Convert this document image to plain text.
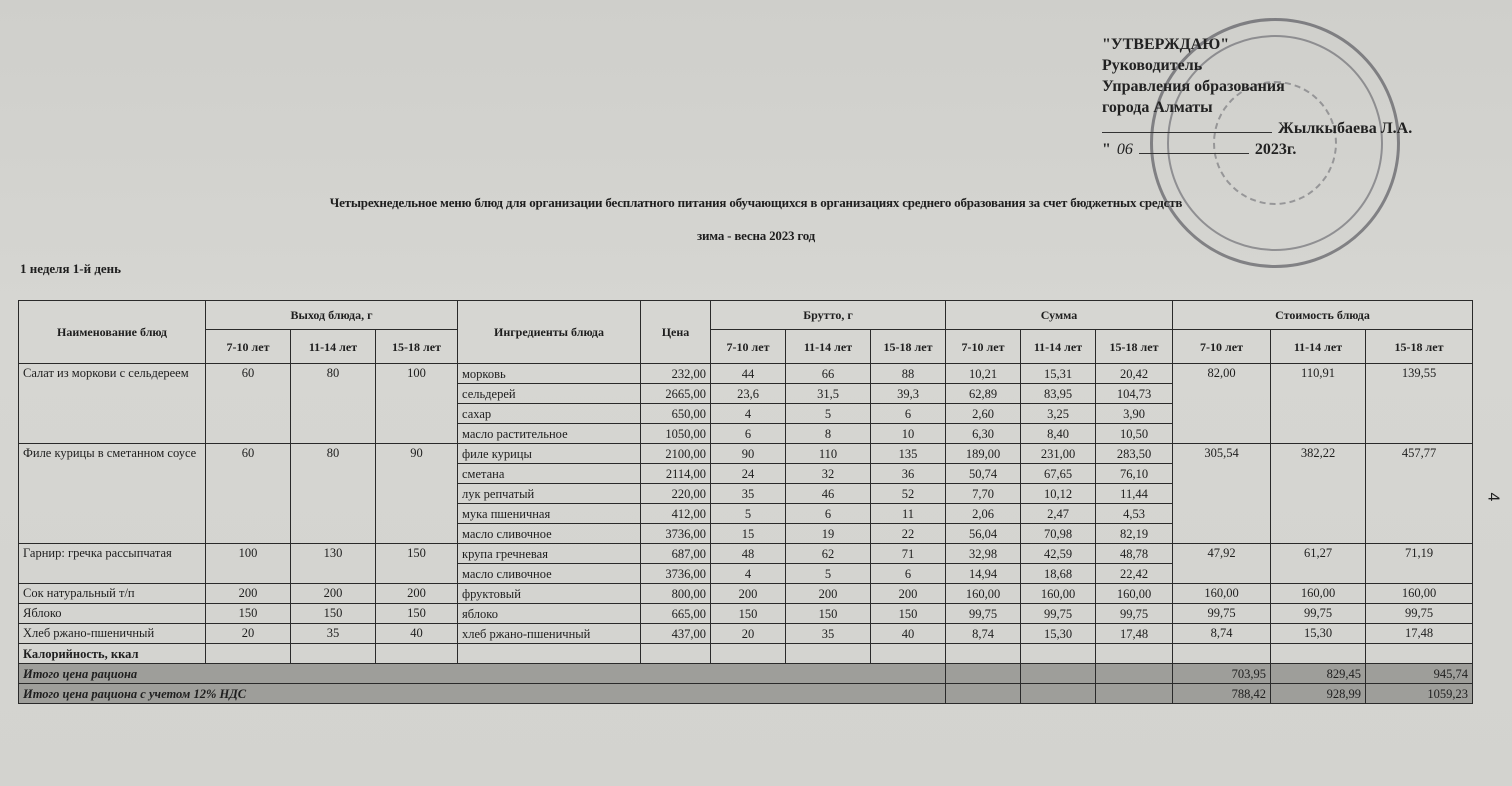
"УТВЕРЖДАЮ"
Руководитель
Управления образования
города Алматы
Жылкыбаева Л.А.
" 06	2023г.
Четырехнедельное меню блюд для организации бесплатного питания обучающихся в организациях среднего образования за счет бюджетных средств
зима - весна 2023 год
1 неделя 1-й день
4
Наименование блюд	Выход блюда, г			Ингредиенты блюда	Цена	Брутто, г			Сумма			Стоимость блюда		
	7-10 лет	11-14 лет	15-18 лет			7-10 лет	11-14 лет	15-18 лет	7-10 лет	11-14 лет	15-18 лет	7-10 лет	11-14 лет	15-18 лет
Салат из моркови с сельдереем	60	80	100	морковь	232,00	44	66	88	10,21	15,31	20,42	82,00	110,91	139,55
				сельдерей	2665,00	23,6	31,5	39,3	62,89	83,95	104,73			
				сахар	650,00	4	5	6	2,60	3,25	3,90			
				масло растительное	1050,00	6	8	10	6,30	8,40	10,50			
Филе курицы в сметанном соусе	60	80	90	филе курицы	2100,00	90	110	135	189,00	231,00	283,50	305,54	382,22	457,77
				сметана	2114,00	24	32	36	50,74	67,65	76,10			
				лук репчатый	220,00	35	46	52	7,70	10,12	11,44			
				мука пшеничная	412,00	5	6	11	2,06	2,47	4,53			
				масло сливочное	3736,00	15	19	22	56,04	70,98	82,19			
Гарнир: гречка рассыпчатая	100	130	150	крупа гречневая	687,00	48	62	71	32,98	42,59	48,78	47,92	61,27	71,19
				масло сливочное	3736,00	4	5	6	14,94	18,68	22,42			
Сок натуральный т/п	200	200	200	фруктовый	800,00	200	200	200	160,00	160,00	160,00	160,00	160,00	160,00
Яблоко	150	150	150	яблоко	665,00	150	150	150	99,75	99,75	99,75	99,75	99,75	99,75
Хлеб ржано-пшеничный	20	35	40	хлеб ржано-пшеничный	437,00	20	35	40	8,74	15,30	17,48	8,74	15,30	17,48
Калорийность, ккал														
Итого цена рациона												703,95	829,45	945,74
Итого цена рациона с учетом 12% НДС												788,42	928,99	1059,23
